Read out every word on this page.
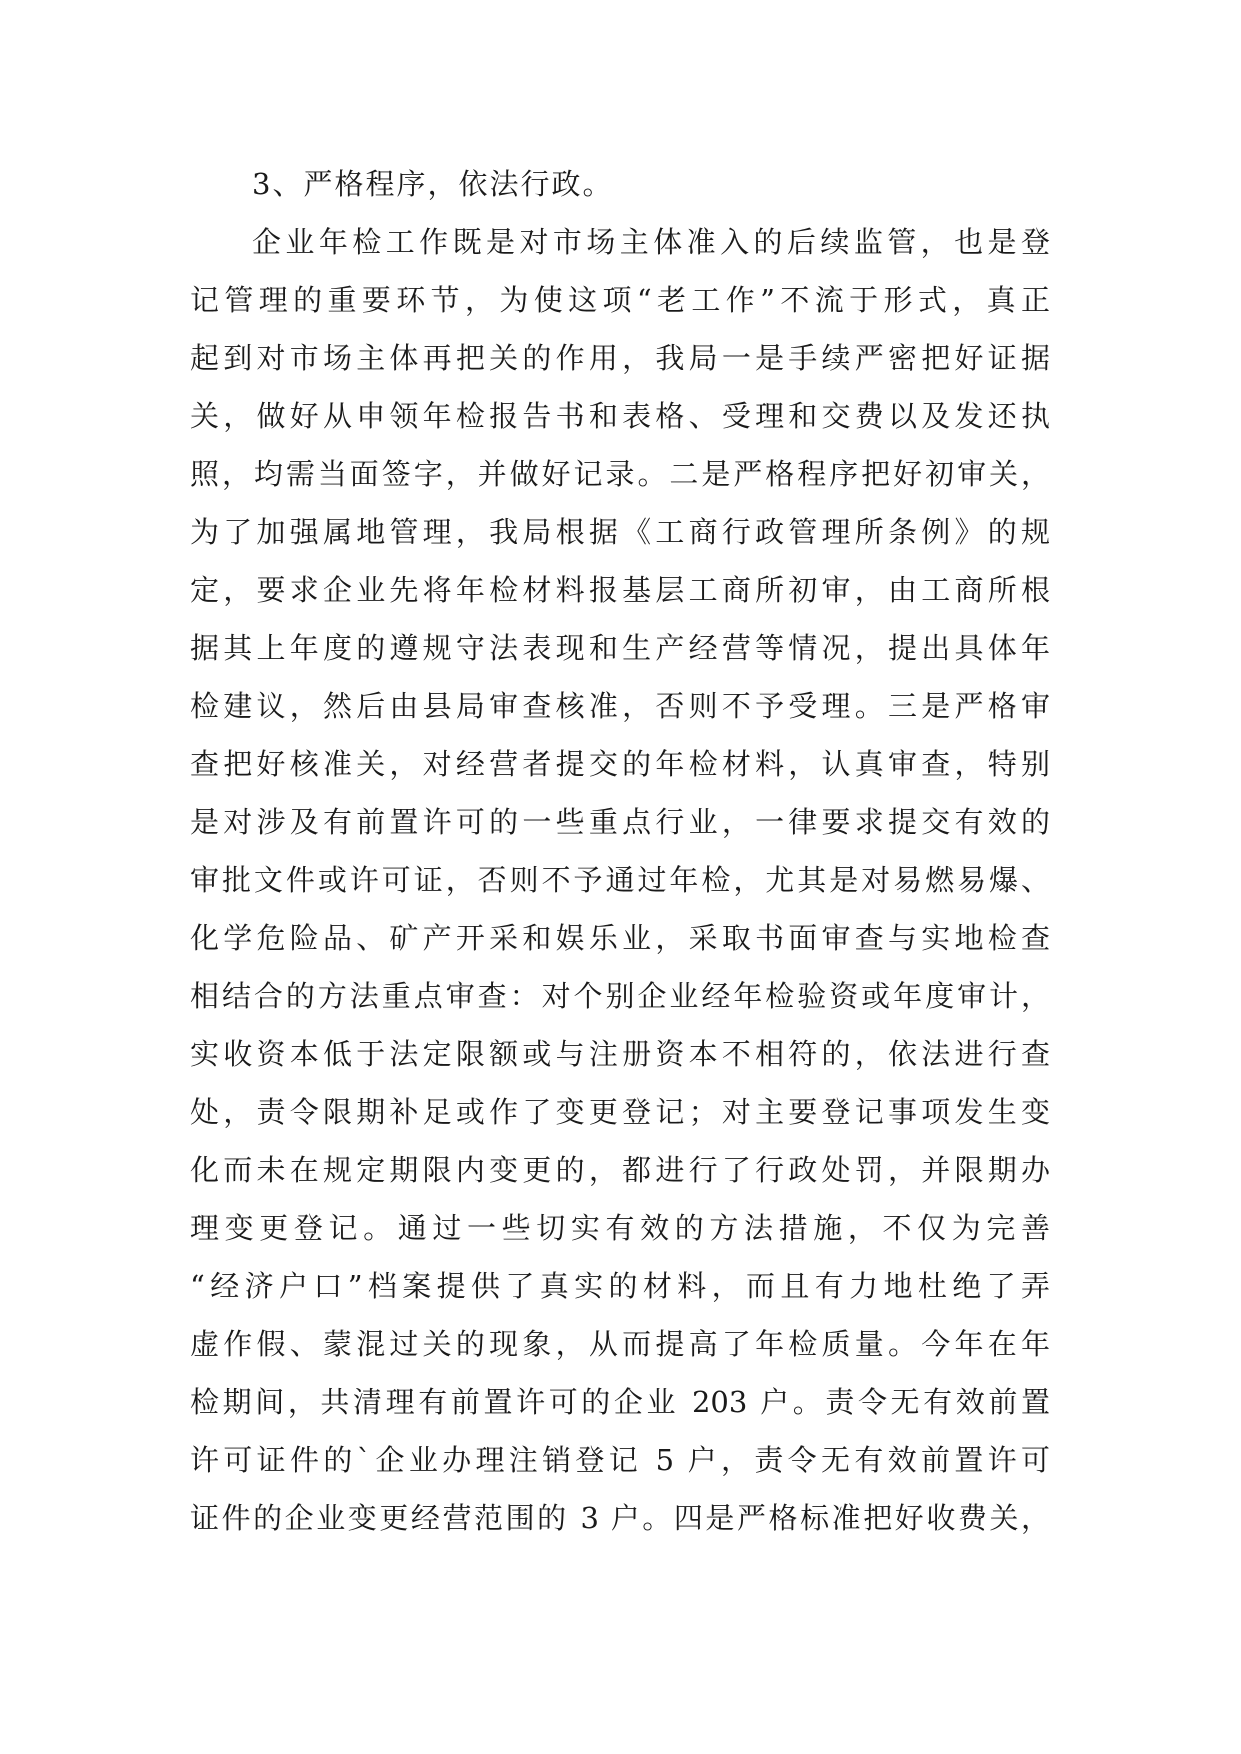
3、严格程序，依法行政。
企业年检工作既是对市场主体准入的后续监管，也是登
记管理的重要环节，为使这项“老工作”不流于形式，真正
起到对市场主体再把关的作用，我局一是手续严密把好证据
关，做好从申领年检报告书和表格、受理和交费以及发还执
照，均需当面签字，并做好记录。二是严格程序把好初审关，
为了加强属地管理，我局根据《工商行政管理所条例》的规
定，要求企业先将年检材料报基层工商所初审，由工商所根
据其上年度的遵规守法表现和生产经营等情况，提出具体年
检建议，然后由县局审查核准，否则不予受理。三是严格审
查把好核准关，对经营者提交的年检材料，认真审查，特别
是对涉及有前置许可的一些重点行业，一律要求提交有效的
审批文件或许可证，否则不予通过年检，尤其是对易燃易爆、
化学危险品、矿产开采和娱乐业，采取书面审查与实地检查
相结合的方法重点审查：对个别企业经年检验资或年度审计，
实收资本低于法定限额或与注册资本不相符的，依法进行查
处，责令限期补足或作了变更登记；对主要登记事项发生变
化而未在规定期限内变更的，都进行了行政处罚，并限期办
理变更登记。通过一些切实有效的方法措施，不仅为完善
“经济户口”档案提供了真实的材料，而且有力地杜绝了弄
虚作假、蒙混过关的现象，从而提高了年检质量。今年在年
检期间，共清理有前置许可的企业 203 户。责令无有效前置
许可证件的`企业办理注销登记 5 户，责令无有效前置许可
证件的企业变更经营范围的 3 户。四是严格标准把好收费关，
